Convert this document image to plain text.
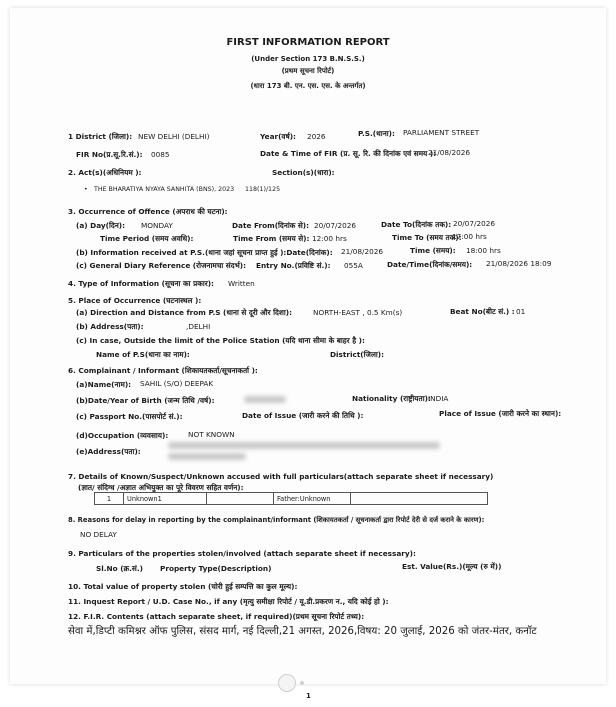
FIRST INFORMATION REPORT
(Under Section 173 B.N.S.S.)
(प्रथम सूचना रिपोर्ट)
(धारा 173 बी. एन. एस. एस. के अन्तर्गत)
1 District (जिला): NEW DELHI (DELHI)	Year(वर्ष): 2026	P.S.(थाना): PARLIAMENT STREET
FIR No(प्र.सू.रि.सं.): 0085	Date & Time of FIR (प्र. सू. रि. की दिनांक एवं समय ):
21/08/2026
2. Act(s)(अधिनियम ):	Section(s)(धारा):
• THE BHARATIYA NYAYA SANHITA (BNS), 2023 118(1)/125
3. Occurrence of Offence (अपराध की घटना):
(a) Day(दिन): MONDAY	Date From(दिनांक से): 20/07/2026	Date To(दिनांक तक): 20/07/2026
Time Period (समय अवधि):	Time From (समय से): 12:00 hrs	Time To (समय तक):
17:00 hrs
(b) Information received at P.S.(थाना जहां सूचना प्राप्त हुई ):Date(दिनांक): 21/08/2026	Time (समय): 18:00 hrs
(c) General Diary Reference (रोजनामचा संदर्भ): Entry No.(प्रविष्टि सं.): 055A	Date/Time(दिनांक/समय): 21/08/2026 18:09
4. Type of Information (सूचना का प्रकार): Written
5. Place of Occurrence (घटनास्थल ):
(a) Direction and Distance from P.S (थाना से दूरी और दिशा):	NORTH-EAST , 0.5 Km(s)	Beat No(बीट सं.) : 01
(b) Address(पता):	,DELHI
(c) In case, Outside the limit of the Police Station (यदि थाना सीमा के बाहर है ):
Name of P.S(थाना का नाम):	District(जिला):
6. Complainant / Informant (शिकायतकर्ता/सूचनाकर्ता ):
(a)Name(नाम): SAHIL (S/O) DEEPAK
(b)Date/Year of Birth (जन्म तिथि /वर्ष):	Nationality (राष्ट्रीयता):
INDIA
(c) Passport No.(पासपोर्ट सं.):	Date of Issue (जारी करने की तिथि ):	Place of Issue (जारी करने का स्थान):
(d)Occupation (व्यवसाय):	NOT KNOWN
(e)Address(पता):
7. Details of Known/Suspect/Unknown accused with full particulars(attach separate sheet if necessary)
(ज्ञात/ संदिग्ध /अज्ञात अभियुक्त का पूरे विवरण सहित वर्णन):
1	Unknown1		Father:Unknown	
8. Reasons for delay in reporting by the complainant/informant (शिकायतकर्ता / सूचनाकर्ता द्वारा रिपोर्ट देरी से दर्ज कराने के कारण):
NO DELAY
9. Particulars of the properties stolen/involved (attach separate sheet if necessary):
Sl.No (क्र.सं.) Property Type(Description)	Est. Value(Rs.)(मूल्य (रु में))
10. Total value of property stolen (चोरी हुई सम्पत्ति का कुल मूल्य):
11. Inquest Report / U.D. Case No., if any (मृत्यु समीक्षा रिपोर्ट / यू.डी.प्रकरण न., यदि कोई हो ):
12. F.I.R. Contents (attach separate sheet, if required)(प्रथम सूचना रिपोर्ट तथ्य):
सेवा में,डिप्टी कमिश्नर ऑफ पुलिस, संसद मार्ग, नई दिल्ली,21 अगस्त, 2026,विषय: 20 जुलाई, 2026 को जंतर-मंतर, कनॉट
1
